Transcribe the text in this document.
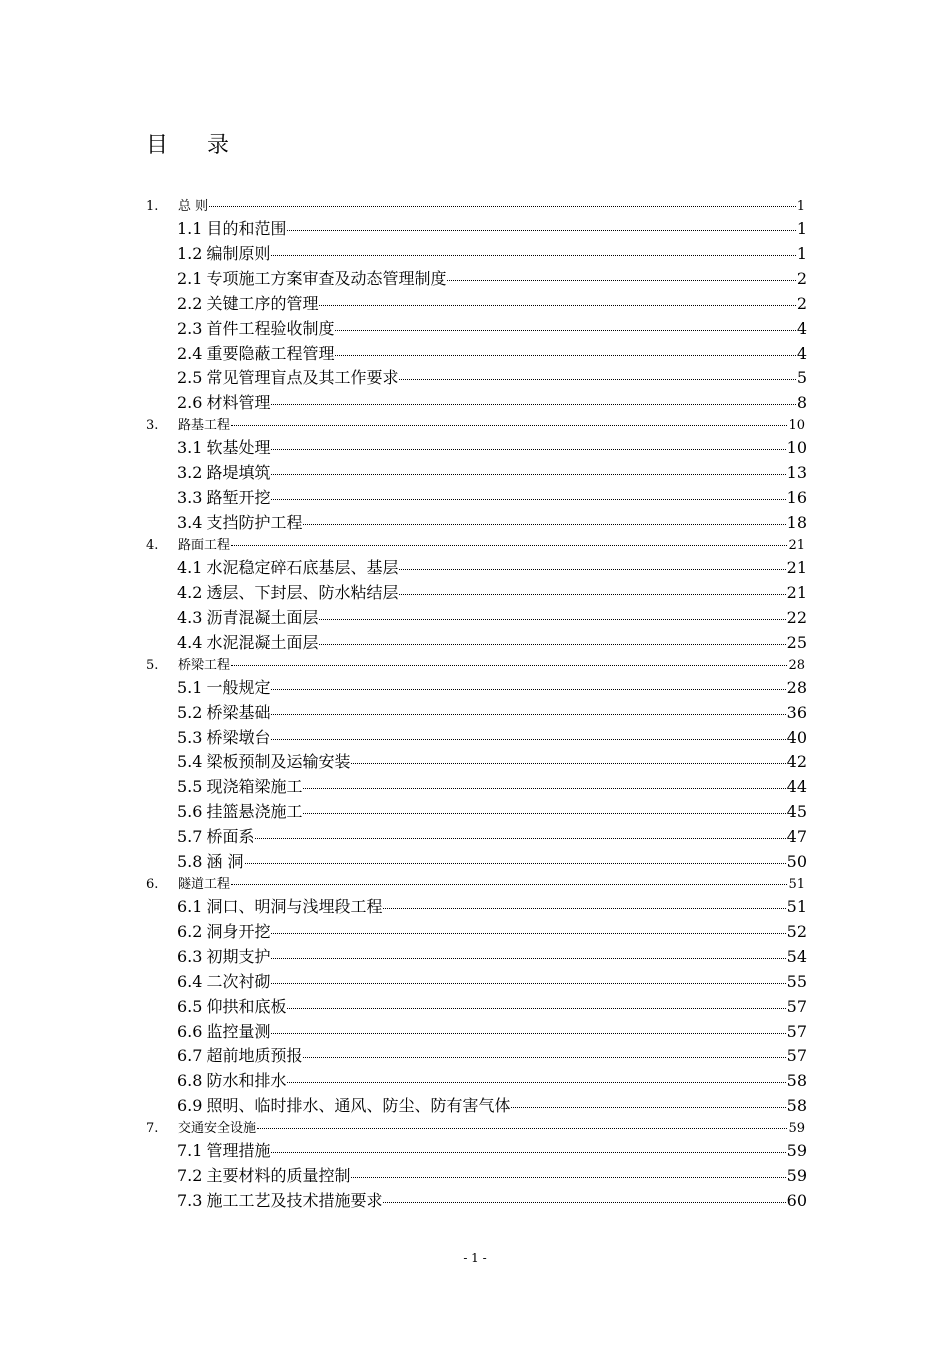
目 录
1.	总 则	1
1.1 目的和范围	1
1.2 编制原则	1
2.1 专项施工方案审查及动态管理制度	2
2.2 关键工序的管理	2
2.3 首件工程验收制度	4
2.4 重要隐蔽工程管理	4
2.5 常见管理盲点及其工作要求	5
2.6 材料管理	8
3.	路基工程	10
3.1 软基处理	10
3.2 路堤填筑	13
3.3 路堑开挖	16
3.4 支挡防护工程	18
4.	路面工程	21
4.1 水泥稳定碎石底基层、基层	21
4.2 透层、下封层、防水粘结层	21
4.3 沥青混凝土面层	22
4.4 水泥混凝土面层	25
5.	桥梁工程	28
5.1 一般规定	28
5.2 桥梁基础	36
5.3 桥梁墩台	40
5.4 梁板预制及运输安装	42
5.5 现浇箱梁施工	44
5.6 挂篮悬浇施工	45
5.7 桥面系	47
5.8 涵 洞	50
6.	隧道工程	51
6.1 洞口、明洞与浅埋段工程	51
6.2 洞身开挖	52
6.3 初期支护	54
6.4 二次衬砌	55
6.5 仰拱和底板	57
6.6 监控量测	57
6.7 超前地质预报	57
6.8 防水和排水	58
6.9 照明、临时排水、通风、防尘、防有害气体	58
7.	交通安全设施	59
7.1 管理措施	59
7.2 主要材料的质量控制	59
7.3 施工工艺及技术措施要求	60
- 1 -
